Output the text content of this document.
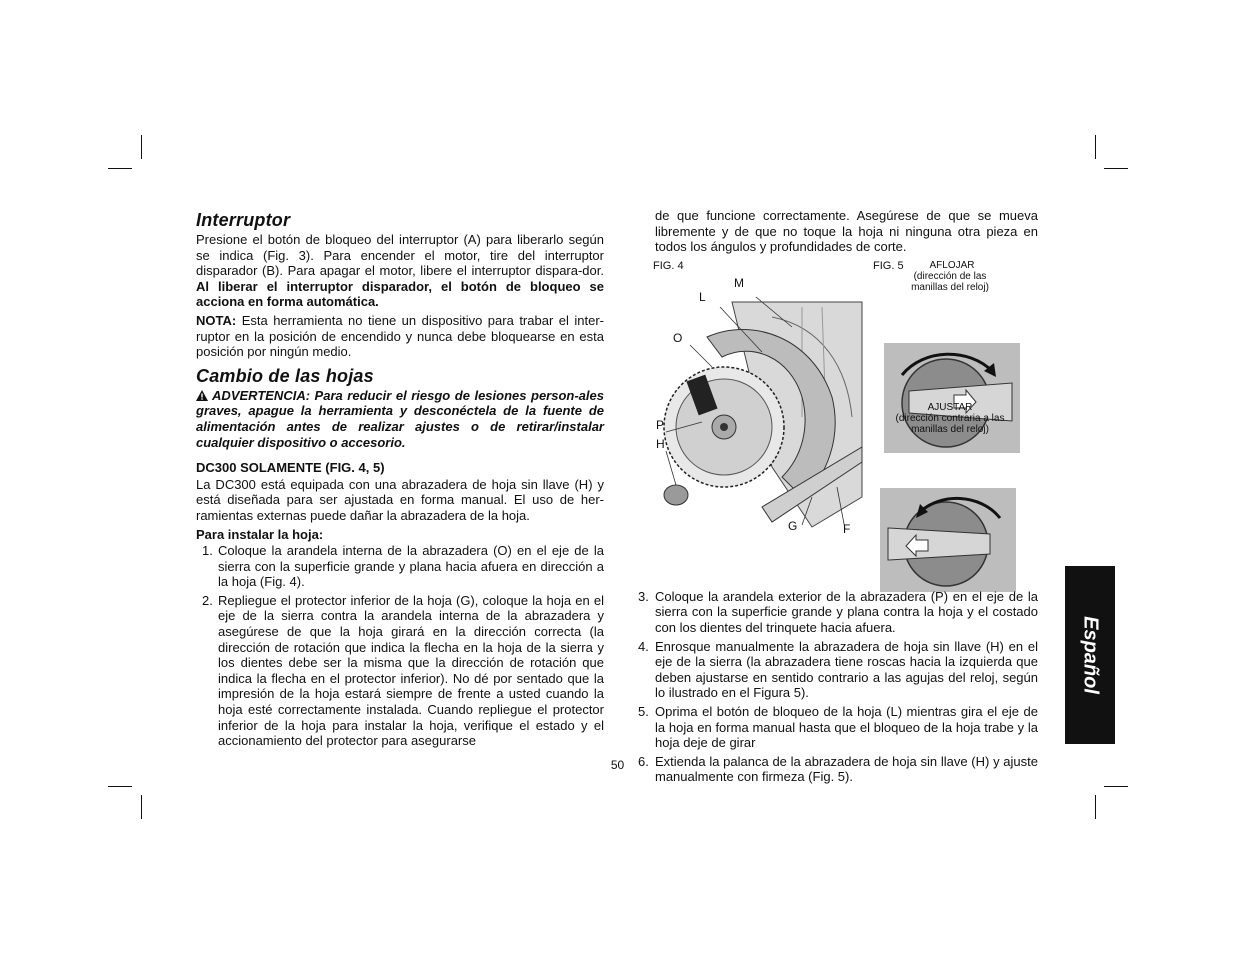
Interruptor

Presione el botón de bloqueo del interruptor (A) para liberarlo según se indica (Fig. 3). Para encender el motor, tire del interruptor disparador (B). Para apagar el motor, libere el interruptor dispara-dor. Al liberar el interruptor disparador, el botón de bloqueo se acciona en forma automática.

NOTA: Esta herramienta no tiene un dispositivo para trabar el inter-ruptor en la posición de encendido y nunca debe bloquearse en esta posición por ningún medio.

Cambio de las hojas

ADVERTENCIA: Para reducir el riesgo de lesiones person-ales graves, apague la herramienta y desconéctela de la fuente de alimentación antes de realizar ajustes o de retirar/instalar cualquier dispositivo o accesorio.

DC300 SOLAMENTE (FIG. 4, 5)

La DC300 está equipada con una abrazadera de hoja sin llave (H) y está diseñada para ser ajustada en forma manual. El uso de her-ramientas externas puede dañar la abrazadera de la hoja.

Para instalar la hoja:
1. Coloque la arandela interna de la abrazadera (O) en el eje de la sierra con la superficie grande y plana hacia afuera en dirección a la hoja (Fig. 4).
2. Repliegue el protector inferior de la hoja (G), coloque la hoja en el eje de la sierra contra la arandela interna de la abrazadera y asegúrese de que la hoja girará en la dirección correcta (la dirección de rotación que indica la flecha en la hoja de la sierra y los dientes debe ser la misma que la dirección de rotación que indica la flecha en el protector inferior). No dé por sentado que la impresión de la hoja estará siempre de frente a usted cuando la hoja esté correctamente instalada. Cuando repliegue el protector inferior de la hoja para instalar la hoja, verifique el estado y el accionamiento del protector para asegurarse

de que funcione correctamente. Asegúrese de que se mueva libremente y de que no toque la hoja ni ninguna otra pieza en todos los ángulos y profundidades de corte.

FIG. 4
M
L
O
P
H
G	F
FIG. 5	AFLOJAR
(dirección de las manillas del reloj)
AJUSTAR
(dirección contraria a las manillas del reloj)
3. Coloque la arandela exterior de la abrazadera (P) en el eje de la sierra con la superficie grande y plana contra la hoja y el costado con los dientes del trinquete hacia afuera.
4. Enrosque manualmente la abrazadera de hoja sin llave (H) en el eje de la sierra (la abrazadera tiene roscas hacia la izquierda que deben ajustarse en sentido contrario a las agujas del reloj, según lo ilustrado en el Figura 5).
5. Oprima el botón de bloqueo de la hoja (L) mientras gira el eje de la hoja en forma manual hasta que el bloqueo de la hoja trabe y la hoja deje de girar
6. Extienda la palanca de la abrazadera de hoja sin llave (H) y ajuste manualmente con firmeza (Fig. 5).
Español
50
